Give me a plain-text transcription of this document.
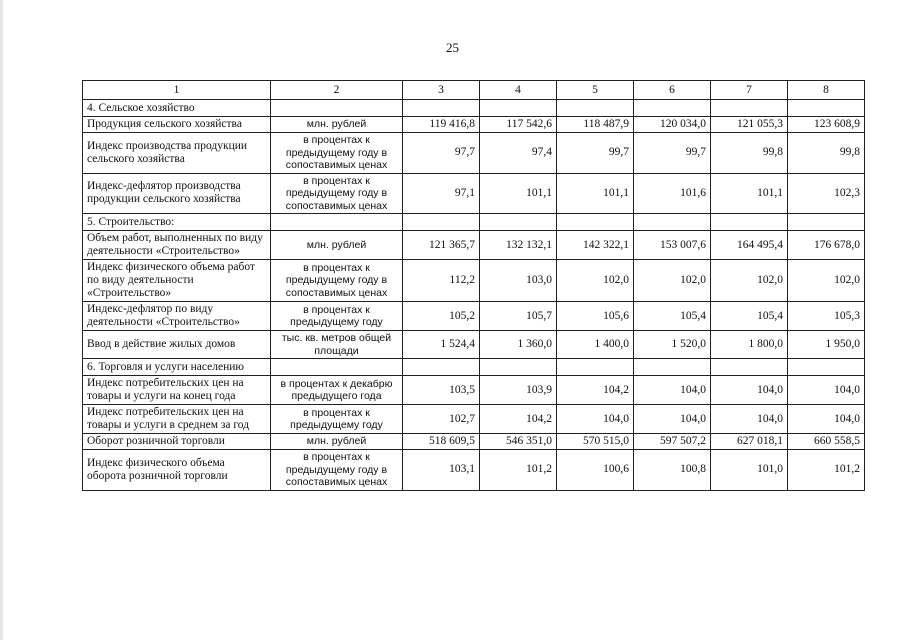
25
1	2	3	4	5	6	7	8
4. Сельское хозяйство							
Продукция сельского хозяйства	млн. рублей	119 416,8	117 542,6	118 487,9	120 034,0	121 055,3	123 608,9
Индекс производства продукции сельского хозяйства	в процентах к предыдущему году в сопоставимых ценах	97,7	97,4	99,7	99,7	99,8	99,8
Индекс-дефлятор производства продукции сельского хозяйства	в процентах к предыдущему году в сопоставимых ценах	97,1	101,1	101,1	101,6	101,1	102,3
5. Строительство:							
Объем работ, выполненных по виду деятельности «Строительство»	млн. рублей	121 365,7	132 132,1	142 322,1	153 007,6	164 495,4	176 678,0
Индекс физического объема работ по виду деятельности «Строительство»	в процентах к предыдущему году в сопоставимых ценах	112,2	103,0	102,0	102,0	102,0	102,0
Индекс-дефлятор по виду деятельности «Строительство»	в процентах к предыдущему году	105,2	105,7	105,6	105,4	105,4	105,3
Ввод в действие жилых домов	тыс. кв. метров общей площади	1 524,4	1 360,0	1 400,0	1 520,0	1 800,0	1 950,0
6. Торговля и услуги населению							
Индекс потребительских цен на товары и услуги на конец года	в процентах к декабрю предыдущего года	103,5	103,9	104,2	104,0	104,0	104,0
Индекс потребительских цен на товары и услуги в среднем за год	в процентах к предыдущему году	102,7	104,2	104,0	104,0	104,0	104,0
Оборот розничной торговли	млн. рублей	518 609,5	546 351,0	570 515,0	597 507,2	627 018,1	660 558,5
Индекс физического объема оборота розничной торговли	в процентах к предыдущему году в сопоставимых ценах	103,1	101,2	100,6	100,8	101,0	101,2
